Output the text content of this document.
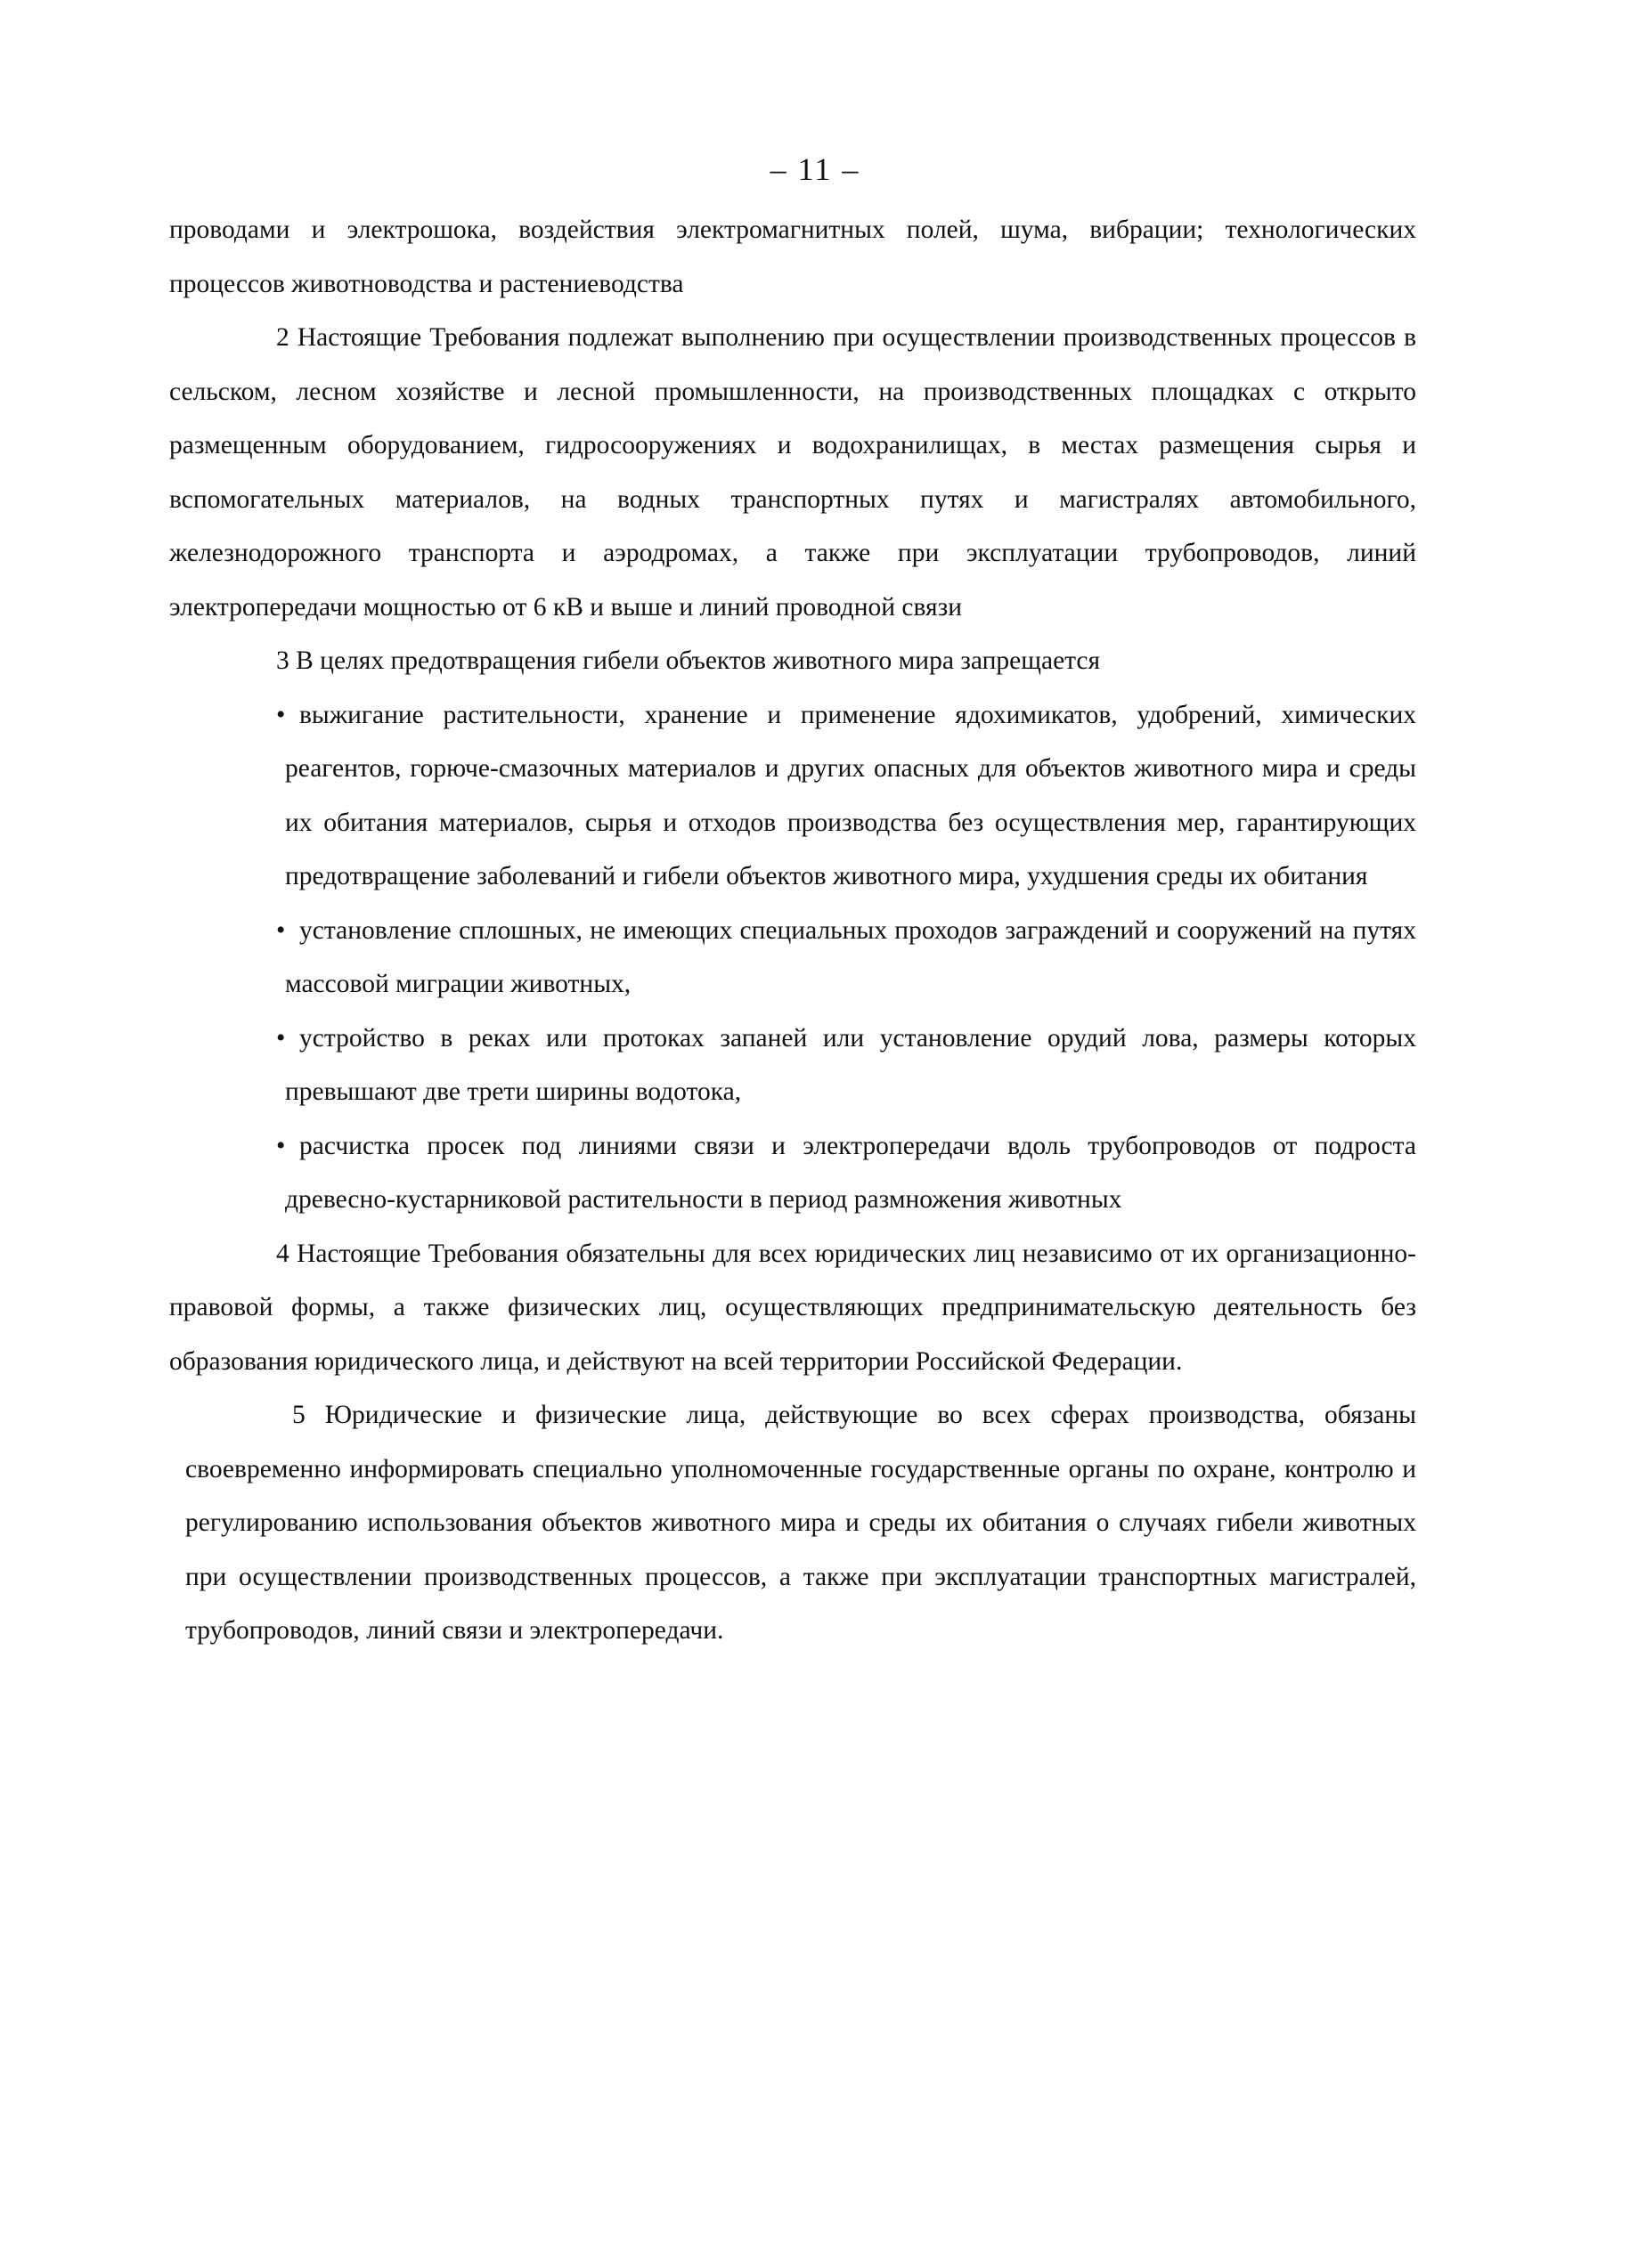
– 11 –

проводами и электрошока, воздействия электромагнитных полей, шума, вибрации; технологических процессов животноводства и растениеводства

2 Настоящие Требования подлежат выполнению при осуществлении производственных процессов в сельском, лесном хозяйстве и лесной промышленности, на производственных площадках с открыто размещенным оборудованием, гидросооружениях и водохранилищах, в местах размещения сырья и вспомогательных материалов, на водных транспортных путях и магистралях автомобильного, железнодорожного транспорта и аэродромах, а также при эксплуатации трубопроводов, линий электропередачи мощностью от 6 кВ и выше и линий проводной связи

3 В целях предотвращения гибели объектов животного мира запрещается

• выжигание растительности, хранение и применение ядохимикатов, удобрений, химических реагентов, горюче-смазочных материалов и других опасных для объектов животного мира и среды их обитания материалов, сырья и отходов производства без осуществления мер, гарантирующих предотвращение заболеваний и гибели объектов животного мира, ухудшения среды их обитания

• установление сплошных, не имеющих специальных проходов заграждений и сооружений на путях массовой миграции животных,

• устройство в реках или протоках запаней или установление орудий лова, размеры которых превышают две трети ширины водотока,

• расчистка просек под линиями связи и электропередачи вдоль трубопроводов от подроста древесно-кустарниковой растительности в период размножения животных

4 Настоящие Требования обязательны для всех юридических лиц независимо от их организационно-правовой формы, а также физических лиц, осуществляющих предпринимательскую деятельность без образования юридического лица, и действуют на всей территории Российской Федерации.

5 Юридические и физические лица, действующие во всех сферах производства, обязаны своевременно информировать специально уполномоченные государственные органы по охране, контролю и регулированию использования объектов животного мира и среды их обитания о случаях гибели животных при осуществлении производственных процессов, а также при эксплуатации транспортных магистралей, трубопроводов, линий связи и электропередачи.
